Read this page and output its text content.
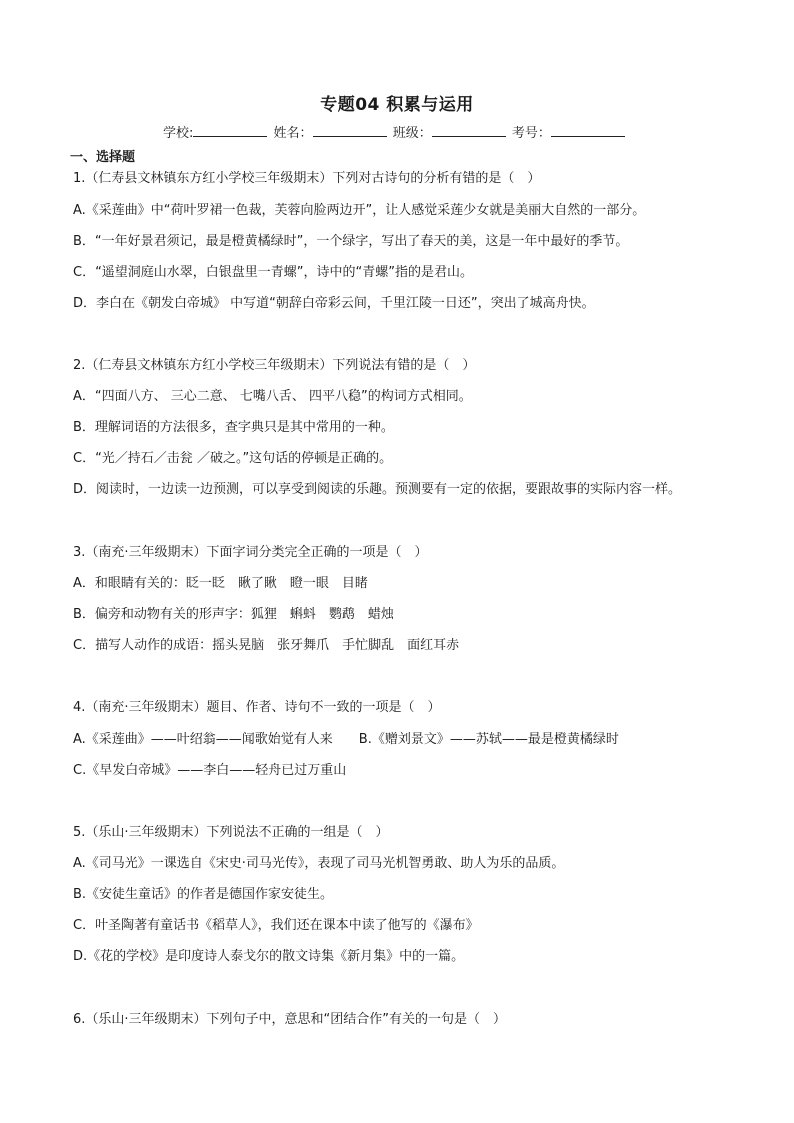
专题04 积累与运用
学校:	姓名：	班级：	考号：
一、选择题
1.（仁寿县文林镇东方红小学校三年级期末）下列对古诗句的分析有错的是（　）
A.《采莲曲》中“荷叶罗裙一色裁，芙蓉向脸两边开”，让人感觉采莲少女就是美丽大自然的一部分。
B．“一年好景君须记，最是橙黄橘绿时”，一个绿字，写出了春天的美，这是一年中最好的季节。
C．“遥望洞庭山水翠，白银盘里一青螺”，诗中的“青螺”指的是君山。
D．李白在《朝发白帝城》 中写道“朝辞白帝彩云间，千里江陵一日还”，突出了城高舟快。
2.（仁寿县文林镇东方红小学校三年级期末）下列说法有错的是（　）
A．“四面八方、 三心二意、 七嘴八舌、 四平八稳”的构词方式相同。
B．理解词语的方法很多，查字典只是其中常用的一种。
C．“光／持石／击瓮 ／破之。”这句话的停顿是正确的。
D．阅读时，一边读一边预测，可以享受到阅读的乐趣。预测要有一定的依据，要跟故事的实际内容一样。
3.（南充·三年级期末）下面字词分类完全正确的一项是（　）
A．和眼睛有关的：眨一眨　瞅了瞅　瞪一眼　目睹
B．偏旁和动物有关的形声字：狐狸　蝌蚪　鹦鹉　蜡烛
C．描写人动作的成语：摇头晃脑　张牙舞爪　手忙脚乱　面红耳赤
4.（南充·三年级期末）题目、作者、诗句不一致的一项是（　）
A.《采莲曲》——叶绍翁——闻歌始觉有人来　　B.《赠刘景文》——苏轼——最是橙黄橘绿时
C.《早发白帝城》——李白——轻舟已过万重山
5.（乐山·三年级期末）下列说法不正确的一组是（　）
A.《司马光》一课选自《宋史·司马光传》，表现了司马光机智勇敢、助人为乐的品质。
B.《安徒生童话》的作者是德国作家安徒生。
C．叶圣陶著有童话书《稻草人》，我们还在课本中读了他写的《瀑布》
D.《花的学校》是印度诗人泰戈尔的散文诗集《新月集》中的一篇。
6.（乐山·三年级期末）下列句子中，意思和“团结合作”有关的一句是（　）
